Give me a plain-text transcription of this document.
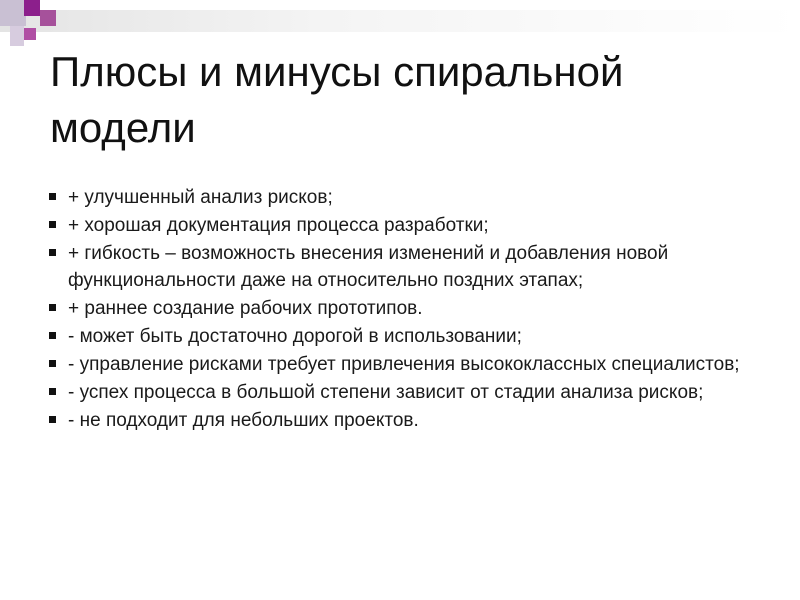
Плюсы и минусы спиральной модели
+ улучшенный анализ рисков;
+ хорошая документация процесса разработки;
+ гибкость – возможность внесения изменений и добавления новой функциональности даже на относительно поздних этапах;
+ раннее создание рабочих прототипов.
- может быть достаточно дорогой в использовании;
- управление рисками требует привлечения высококлассных специалистов;
- успех процесса в большой степени зависит от стадии анализа рисков;
- не подходит для небольших проектов.
